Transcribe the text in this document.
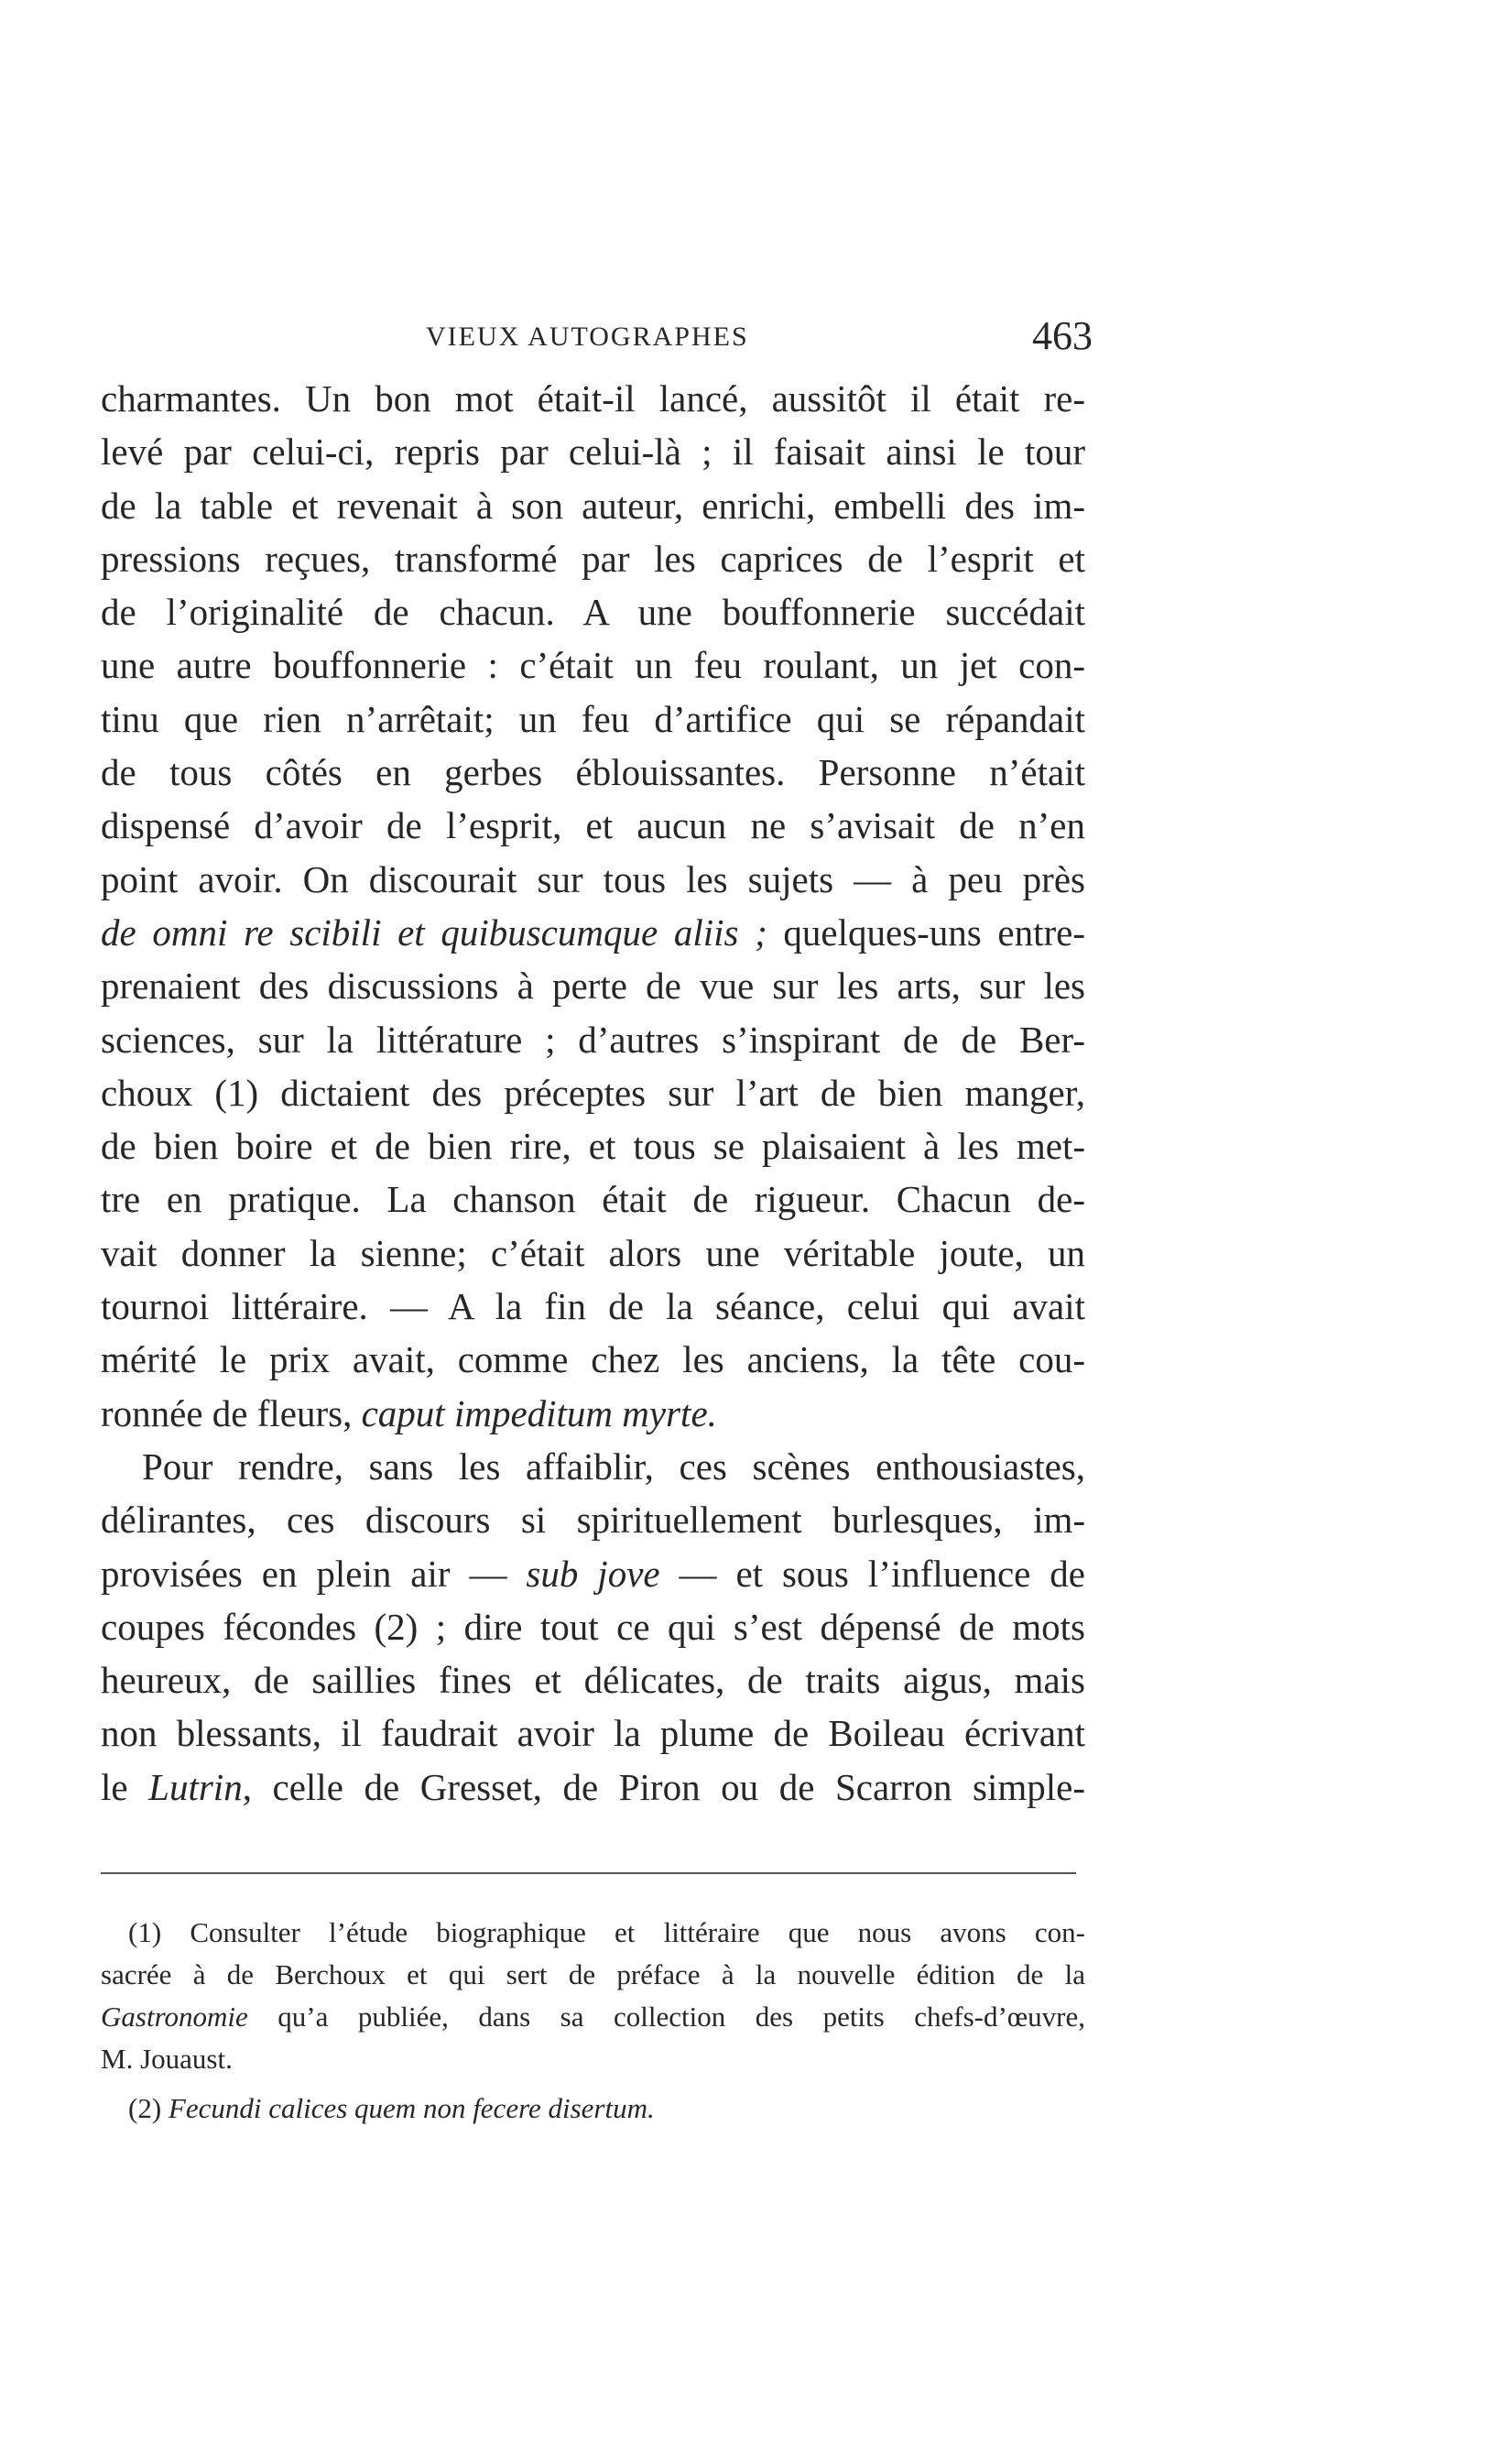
VIEUX AUTOGRAPHES	463
charmantes. Un bon mot était-il lancé, aussitôt il était re-
levé par celui-ci, repris par celui-là ; il faisait ainsi le tour
de la table et revenait à son auteur, enrichi, embelli des im-
pressions reçues, transformé par les caprices de l’esprit et
de l’originalité de chacun. A une bouffonnerie succédait
une autre bouffonnerie : c’était un feu roulant, un jet con-
tinu que rien n’arrêtait; un feu d’artifice qui se répandait
de tous côtés en gerbes éblouissantes. Personne n’était
dispensé d’avoir de l’esprit, et aucun ne s’avisait de n’en
point avoir. On discourait sur tous les sujets — à peu près
de omni re scibili et quibuscumque aliis ; quelques-uns entre-
prenaient des discussions à perte de vue sur les arts, sur les
sciences, sur la littérature ; d’autres s’inspirant de de Ber-
choux (1) dictaient des préceptes sur l’art de bien manger,
de bien boire et de bien rire, et tous se plaisaient à les met-
tre en pratique. La chanson était de rigueur. Chacun de-
vait donner la sienne; c’était alors une véritable joute, un
tournoi littéraire. — A la fin de la séance, celui qui avait
mérité le prix avait, comme chez les anciens, la tête cou-
ronnée de fleurs, caput impeditum myrte.
Pour rendre, sans les affaiblir, ces scènes enthousiastes,
délirantes, ces discours si spirituellement burlesques, im-
provisées en plein air — sub jove — et sous l’influence de
coupes fécondes (2) ; dire tout ce qui s’est dépensé de mots
heureux, de saillies fines et délicates, de traits aigus, mais
non blessants, il faudrait avoir la plume de Boileau écrivant
le Lutrin, celle de Gresset, de Piron ou de Scarron simple-
(1) Consulter l’étude biographique et littéraire que nous avons con-
sacrée à de Berchoux et qui sert de préface à la nouvelle édition de la
Gastronomie qu’a publiée, dans sa collection des petits chefs-d’œuvre,
M. Jouaust.
(2) Fecundi calices quem non fecere disertum.
